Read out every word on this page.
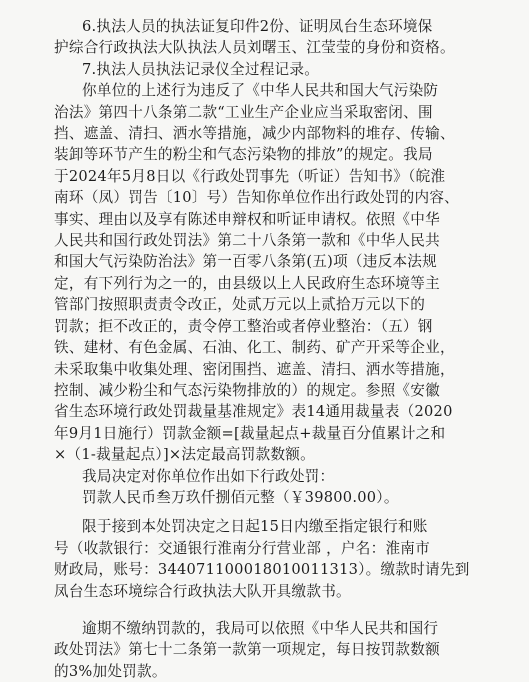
6.执法人员的执法证复印件2份、证明凤台生态环境保

护综合行政执法大队执法人员刘曙玉、江莹莹的身份和资格。

7.执法人员执法记录仪全过程记录。

你单位的上述行为违反了《中华人民共和国大气污染防

治法》第四十八条第二款“工业生产企业应当采取密闭、围

挡、遮盖、清扫、洒水等措施，减少内部物料的堆存、传输、

装卸等环节产生的粉尘和气态污染物的排放”的规定。我局

于2024年5月8日以《行政处罚事先（听证）告知书》（皖淮

南环（凤）罚告〔10〕号）告知你单位作出行政处罚的内容、

事实、理由以及享有陈述申辩权和听证申请权。依照《中华

人民共和国行政处罚法》第二十八条第一款和《中华人民共

和国大气污染防治法》第一百零八条第(五)项（违反本法规

定，有下列行为之一的，由县级以上人民政府生态环境等主

管部门按照职责责令改正，处贰万元以上贰拾万元以下的

罚款；拒不改正的，责令停工整治或者停业整治：（五）钢

铁、建材、有色金属、石油、化工、制药、矿产开采等企业，

未采取集中收集处理、密闭围挡、遮盖、清扫、洒水等措施，

控制、减少粉尘和气态污染物排放的）的规定。参照《安徽

省生态环境行政处罚裁量基准规定》表14通用裁量表（2020

年9月1日施行）罚款金额=[裁量起点+裁量百分值累计之和

×（1-裁量起点）]×法定最高罚款数额。

我局决定对你单位作出如下行政处罚：

罚款人民币叁万玖仟捌佰元整（￥39800.00）。

限于接到本处罚决定之日起15日内缴至指定银行和账

号（收款银行：交通银行淮南分行营业部 ，户名：淮南市

财政局，账号：344071100018010011313）。缴款时请先到

凤台生态环境综合行政执法大队开具缴款书。

逾期不缴纳罚款的，我局可以依照《中华人民共和国行

政处罚法》第七十二条第一款第一项规定，每日按罚款数额

的3%加处罚款。
